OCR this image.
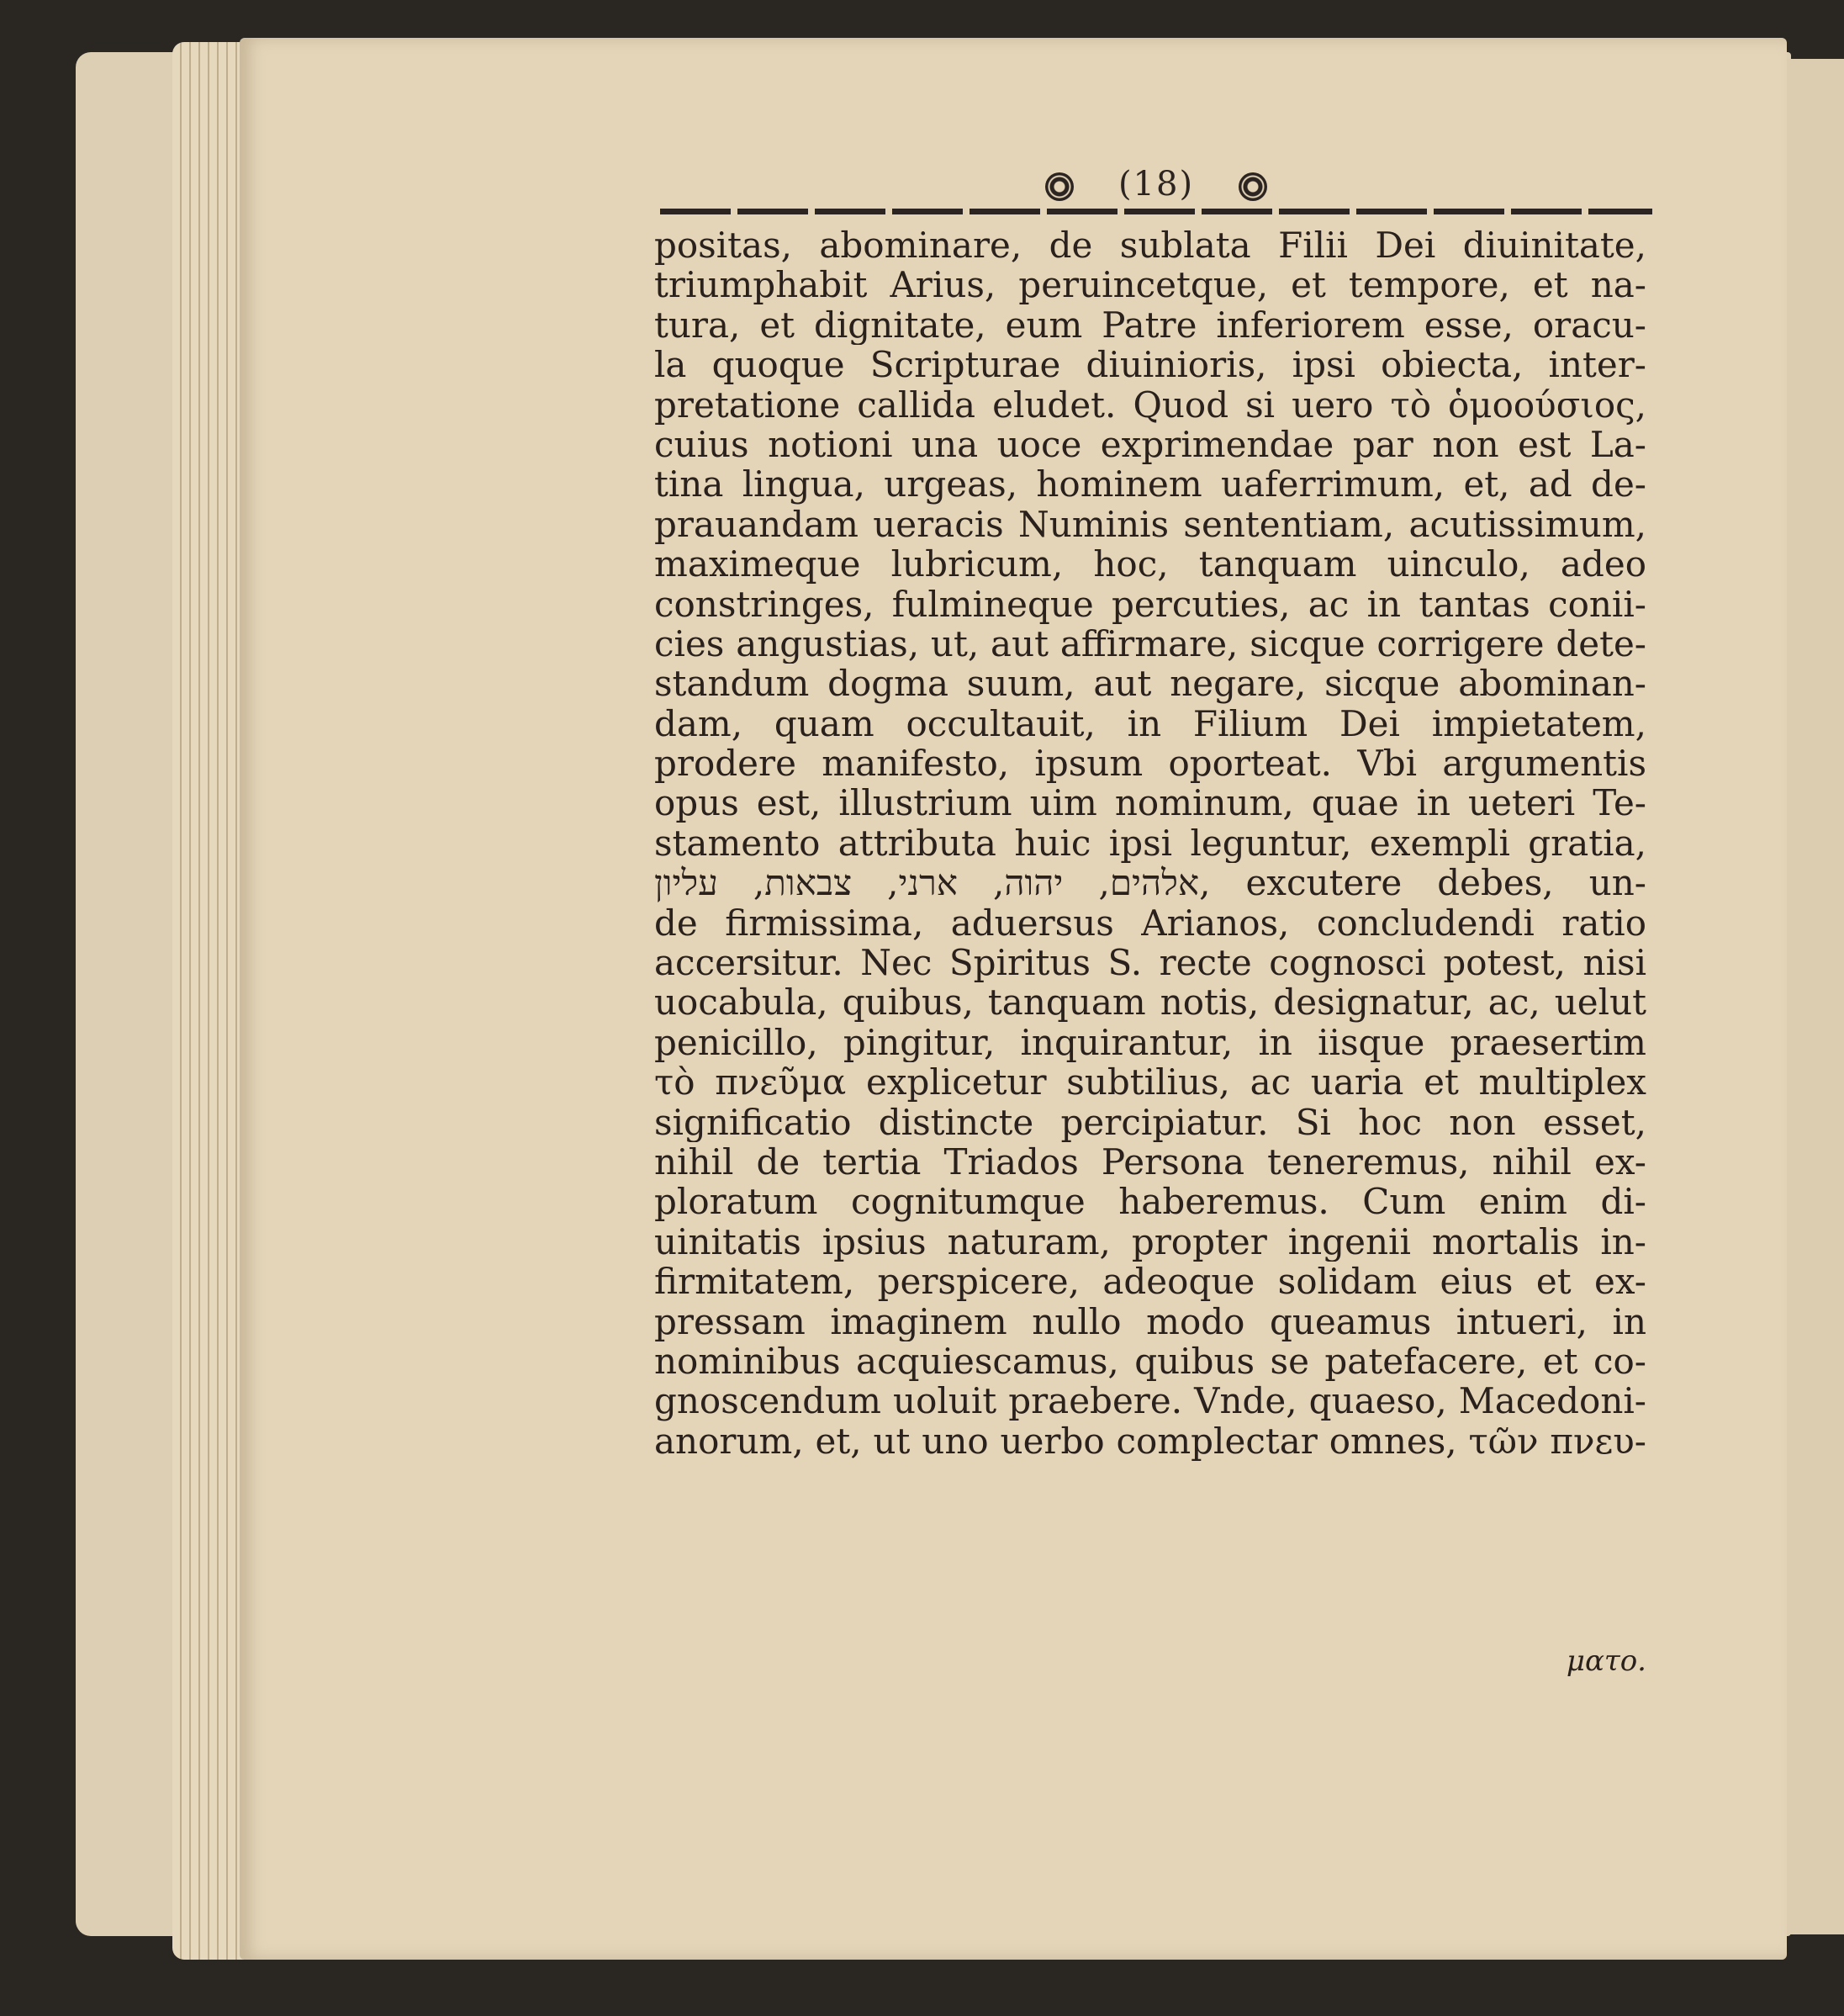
(18)
positas, abominare, de sublata Filii Dei diuinitate,
triumphabit Arius, peruincetque, et tempore, et na-
tura, et dignitate, eum Patre inferiorem esse, oracu-
la quoque Scripturae diuinioris, ipsi obiecta, inter-
pretatione callida eludet. Quod si uero τὸ ὁμοούσιος,
cuius notioni una uoce exprimendae par non est La-
tina lingua, urgeas, hominem uaferrimum, et, ad de-
prauandam ueracis Numinis sententiam, acutissimum,
maximeque lubricum, hoc, tanquam uinculo, adeo
constringes, fulmineque percuties, ac in tantas conii-
cies angustias, ut, aut affirmare, sicque corrigere dete-
standum dogma suum, aut negare, sicque abominan-
dam, quam occultauit, in Filium Dei impietatem,
prodere manifesto, ipsum oporteat. Vbi argumentis
opus est, illustrium uim nominum, quae in ueteri Te-
stamento attributa huic ipsi leguntur, exempli gratia,
אלהים, יהוה, ארני, צבאות, עליון, excutere debes, un-
de firmissima, aduersus Arianos, concludendi ratio
accersitur. Nec Spiritus S. recte cognosci potest, nisi
uocabula, quibus, tanquam notis, designatur, ac, uelut
penicillo, pingitur, inquirantur, in iisque praesertim
τὸ πνεῦμα explicetur subtilius, ac uaria et multiplex
significatio distincte percipiatur. Si hoc non esset,
nihil de tertia Triados Persona teneremus, nihil ex-
ploratum cognitumque haberemus. Cum enim di-
uinitatis ipsius naturam, propter ingenii mortalis in-
firmitatem, perspicere, adeoque solidam eius et ex-
pressam imaginem nullo modo queamus intueri, in
nominibus acquiescamus, quibus se patefacere, et co-
gnoscendum uoluit praebere. Vnde, quaeso, Macedoni-
anorum, et, ut uno uerbo complectar omnes, τῶν πνευ-
ματο.
